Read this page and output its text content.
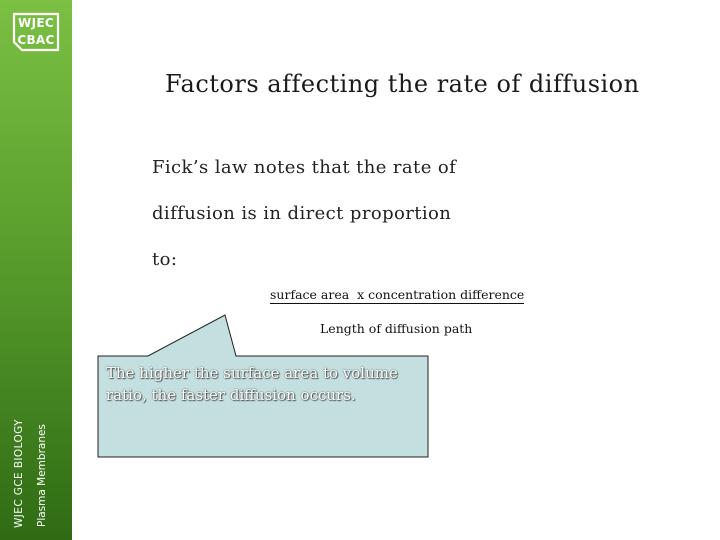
WJEC
CBAC
WJEC GCE BIOLOGY Plasma Membranes
Factors affecting the rate of diffusion
Fick’s law notes that the rate of
diffusion is in direct proportion
to:
surface area  x concentration difference
Length of diffusion path
The higher the surface area to volume ratio, the faster diffusion occurs.
